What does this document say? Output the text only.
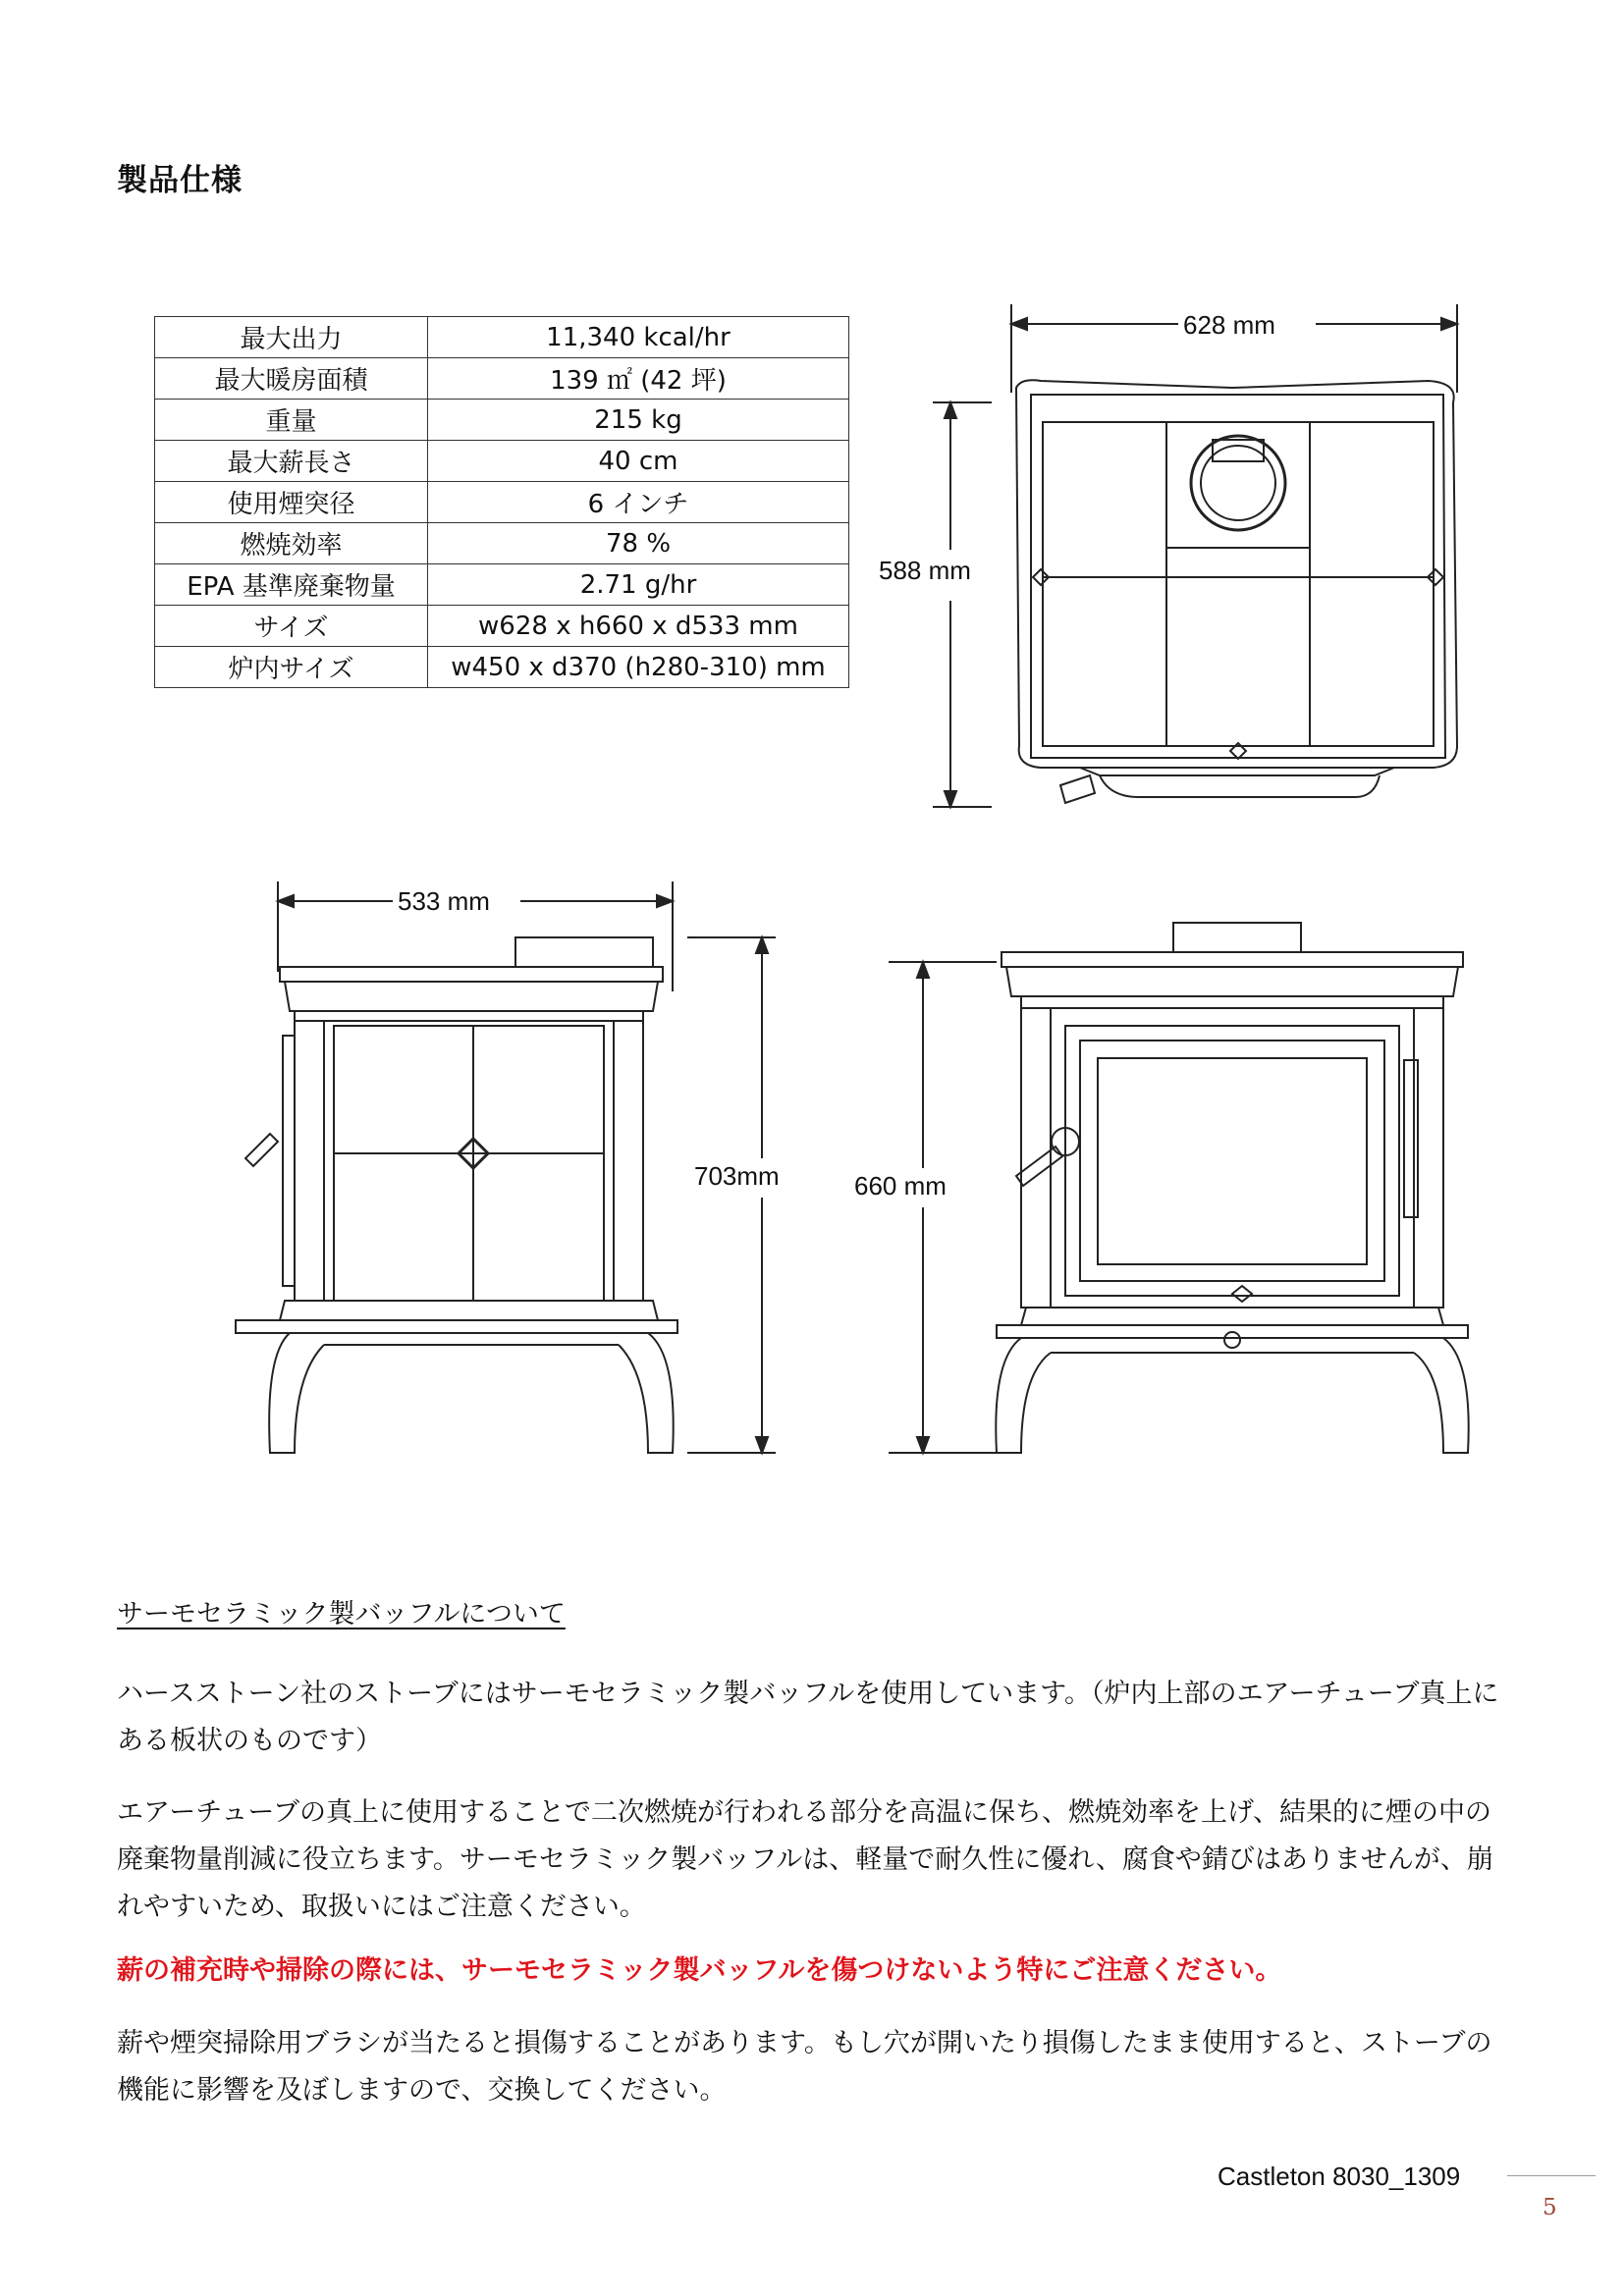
製品仕様
最大出力	11,340 kcal/hr
最大暖房面積	139 ㎡ (42 坪)
重量	215 kg
最大薪長さ	40 cm
使用煙突径	6 インチ
燃焼効率	78 %
EPA 基準廃棄物量	2.71 g/hr
サイズ	w628 x h660 x d533 mm
炉内サイズ	w450 x d370 (h280-310) mm
628 mm
588 mm
533 mm
703mm	660 mm
サーモセラミック製バッフルについて
ハースストーン社のストーブにはサーモセラミック製バッフルを使用しています。（炉内上部のエアーチューブ真上にある板状のものです）
エアーチューブの真上に使用することで二次燃焼が行われる部分を高温に保ち、燃焼効率を上げ、結果的に煙の中の廃棄物量削減に役立ちます。サーモセラミック製バッフルは、軽量で耐久性に優れ、腐食や錆びはありませんが、崩れやすいため、取扱いにはご注意ください。
薪の補充時や掃除の際には、サーモセラミック製バッフルを傷つけないよう特にご注意ください。
薪や煙突掃除用ブラシが当たると損傷することがあります。もし穴が開いたり損傷したまま使用すると、ストーブの機能に影響を及ぼしますので、交換してください。
Castleton 8030_1309
5
